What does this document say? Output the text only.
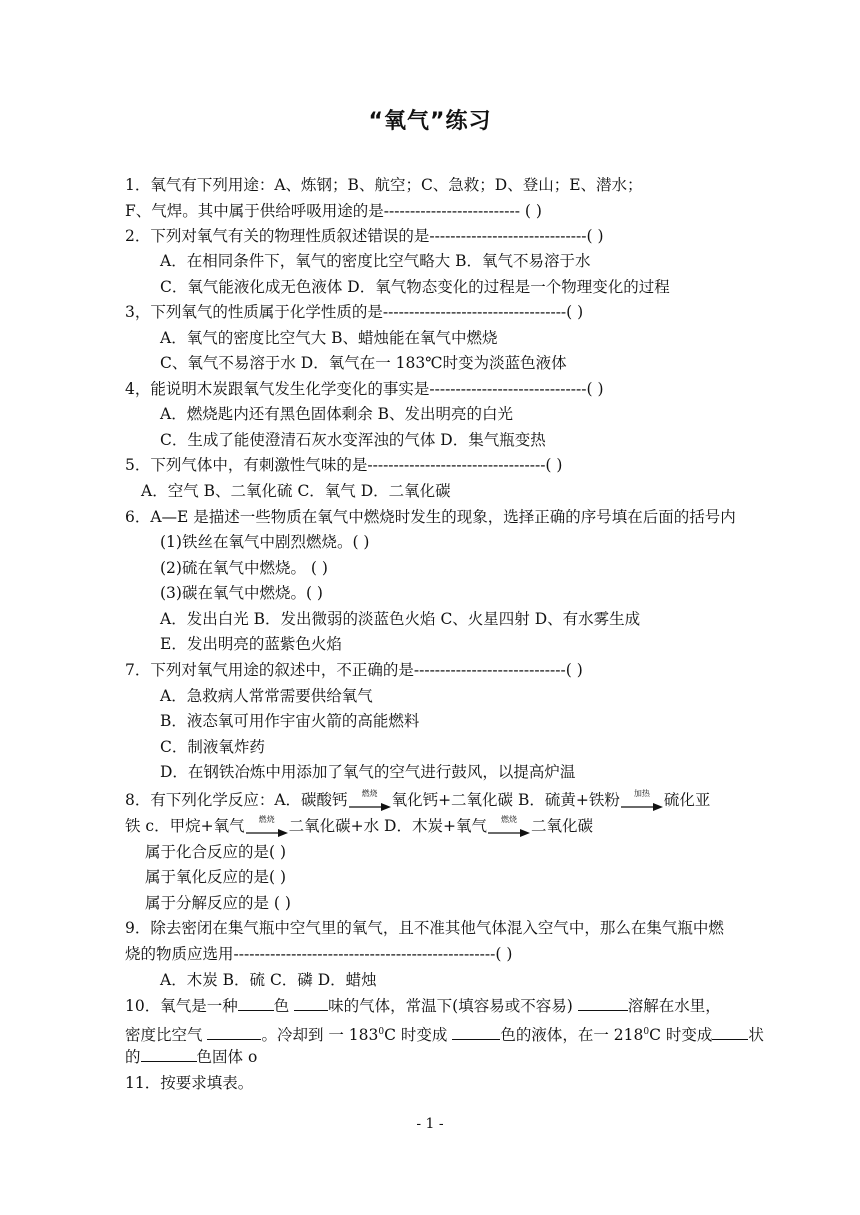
“氧气”练习
1．氧气有下列用途：A、炼钢；B、航空；C、急救；D、登山；E、潜水；
F、气焊。其中属于供给呼吸用途的是-------------------------- ( )
2．下列对氧气有关的物理性质叙述错误的是------------------------------( )
A．在相同条件下，氧气的密度比空气略大 B．氧气不易溶于水
C．氧气能液化成无色液体 D．氧气物态变化的过程是一个物理变化的过程
3，下列氧气的性质属于化学性质的是-----------------------------------( )
A．氧气的密度比空气大 B、蜡烛能在氧气中燃烧
C、氧气不易溶于水 D．氧气在一 183℃时变为淡蓝色液体
4，能说明木炭跟氧气发生化学变化的事实是------------------------------( )
A．燃烧匙内还有黑色固体剩余 B、发出明亮的白光
C．生成了能使澄清石灰水变浑浊的气体 D．集气瓶变热
5．下列气体中，有刺激性气味的是----------------------------------( )
A．空气 B、二氧化硫 C．氧气 D．二氧化碳
6．A—E 是描述一些物质在氧气中燃烧时发生的现象，选择正确的序号填在后面的括号内
(1)铁丝在氧气中剧烈燃烧。( )
(2)硫在氧气中燃烧。 ( )
(3)碳在氧气中燃烧。( )
A．发出白光 B．发出微弱的淡蓝色火焰 C、火星四射 D、有水雾生成
E．发出明亮的蓝紫色火焰
7．下列对氧气用途的叙述中，不正确的是-----------------------------( )
A．急救病人常常需要供给氧气
B．液态氧可用作宇宙火箭的高能燃料
C．制液氧炸药
D．在钢铁冶炼中用添加了氧气的空气进行鼓风，以提高炉温
8．有下列化学反应：A．碳酸钙	燃烧 氧化钙+二氧化碳 B．硫黄+铁粉	加热 硫化亚
铁 c．甲烷+氧气	燃烧 二氧化碳+水 D．木炭+氧气	燃烧 二氧化碳
属于化合反应的是( )
属于氧化反应的是( )
属于分解反应的是 ( )
9．除去密闭在集气瓶中空气里的氧气，且不准其他气体混入空气中，那么在集气瓶中燃
烧的物质应选用--------------------------------------------------( )
A．木炭 B．硫 C．磷 D．蜡烛
10．氧气是一种 色 味的气体，常温下(填容易或不容易)	溶解在水里，
密度比空气	。冷却到 一 $183^0C$ 时变成	色的液体，在一 $218^0C$ 时变成 状
的	色固体 o
11．按要求填表。
- 1 -
